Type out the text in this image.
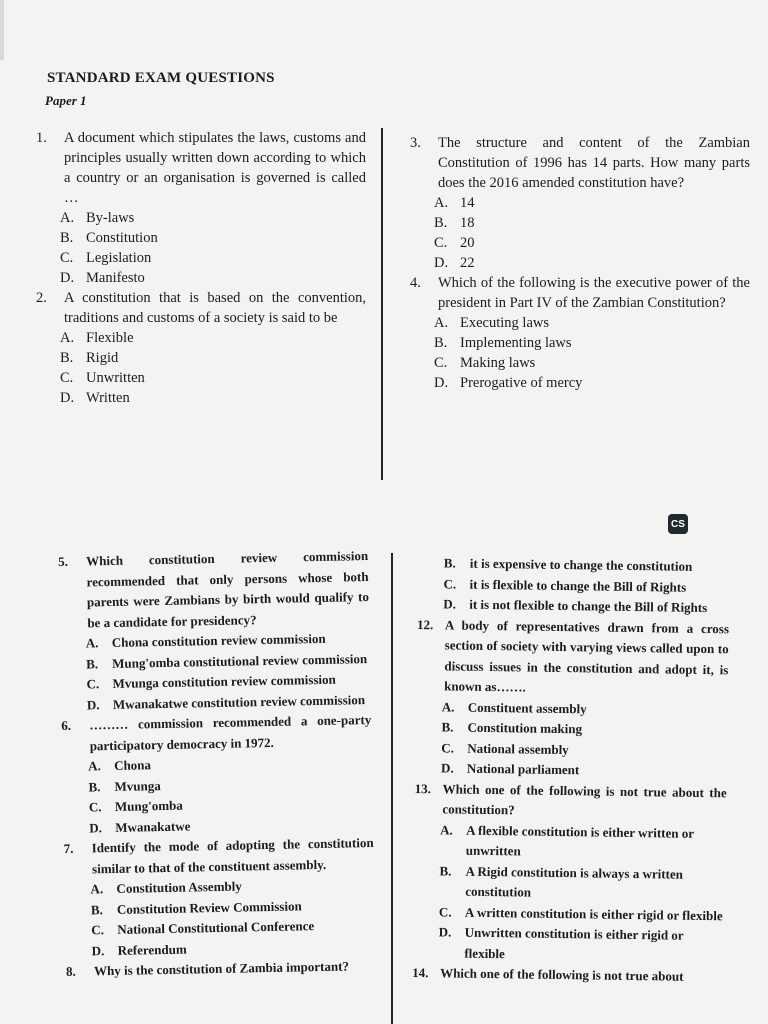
STANDARD EXAM QUESTIONS
Paper 1
CS
1.	A document which stipulates the laws, customs and principles usually written down according to which a country or an organisation is governed is called …
A. By-laws
B. Constitution
C. Legislation
D. Manifesto
2.	A constitution that is based on the convention, traditions and customs of a society is said to be
A. Flexible
B. Rigid
C. Unwritten
D. Written
3.	The structure and content of the Zambian Constitution of 1996 has 14 parts. How many parts does the 2016 amended constitution have?
A. 14
B. 18
C. 20
D. 22
4.	Which of the following is the executive power of the president in Part IV of the Zambian Constitution?
A. Executing laws
B. Implementing laws
C. Making laws
D. Prerogative of mercy
5.	Which constitution review commission recommended that only persons whose both parents were Zambians by birth would qualify to be a candidate for presidency?
A.	Chona constitution review commission
B.	Mung'omba constitutional review commission
C.	Mvunga constitution review commission
D.	Mwanakatwe constitution review commission
6.	……… commission recommended a one-party participatory democracy in 1972.
A.	Chona
B.	Mvunga
C.	Mung'omba
D.	Mwanakatwe
7.	Identify the mode of adopting the constitution similar to that of the constituent assembly.
A.	Constitution Assembly
B.	Constitution Review Commission
C.	National Constitutional Conference
D.	Referendum
8.	Why is the constitution of Zambia important?
B.	it is expensive to change the constitution
C.	it is flexible to change the Bill of Rights
D.	it is not flexible to change the Bill of Rights
12. A body of representatives drawn from a cross section of society with varying views called upon to discuss issues in the constitution and adopt it, is known as…….
A.	Constituent assembly
B.	Constitution making
C.	National assembly
D.	National parliament
13. Which one of the following is not true about the constitution?
A.	A flexible constitution is either written or unwritten
B.	A Rigid constitution is always a written constitution
C.	A written constitution is either rigid or flexible
D.	Unwritten constitution is either rigid or flexible
14. Which one of the following is not true about
